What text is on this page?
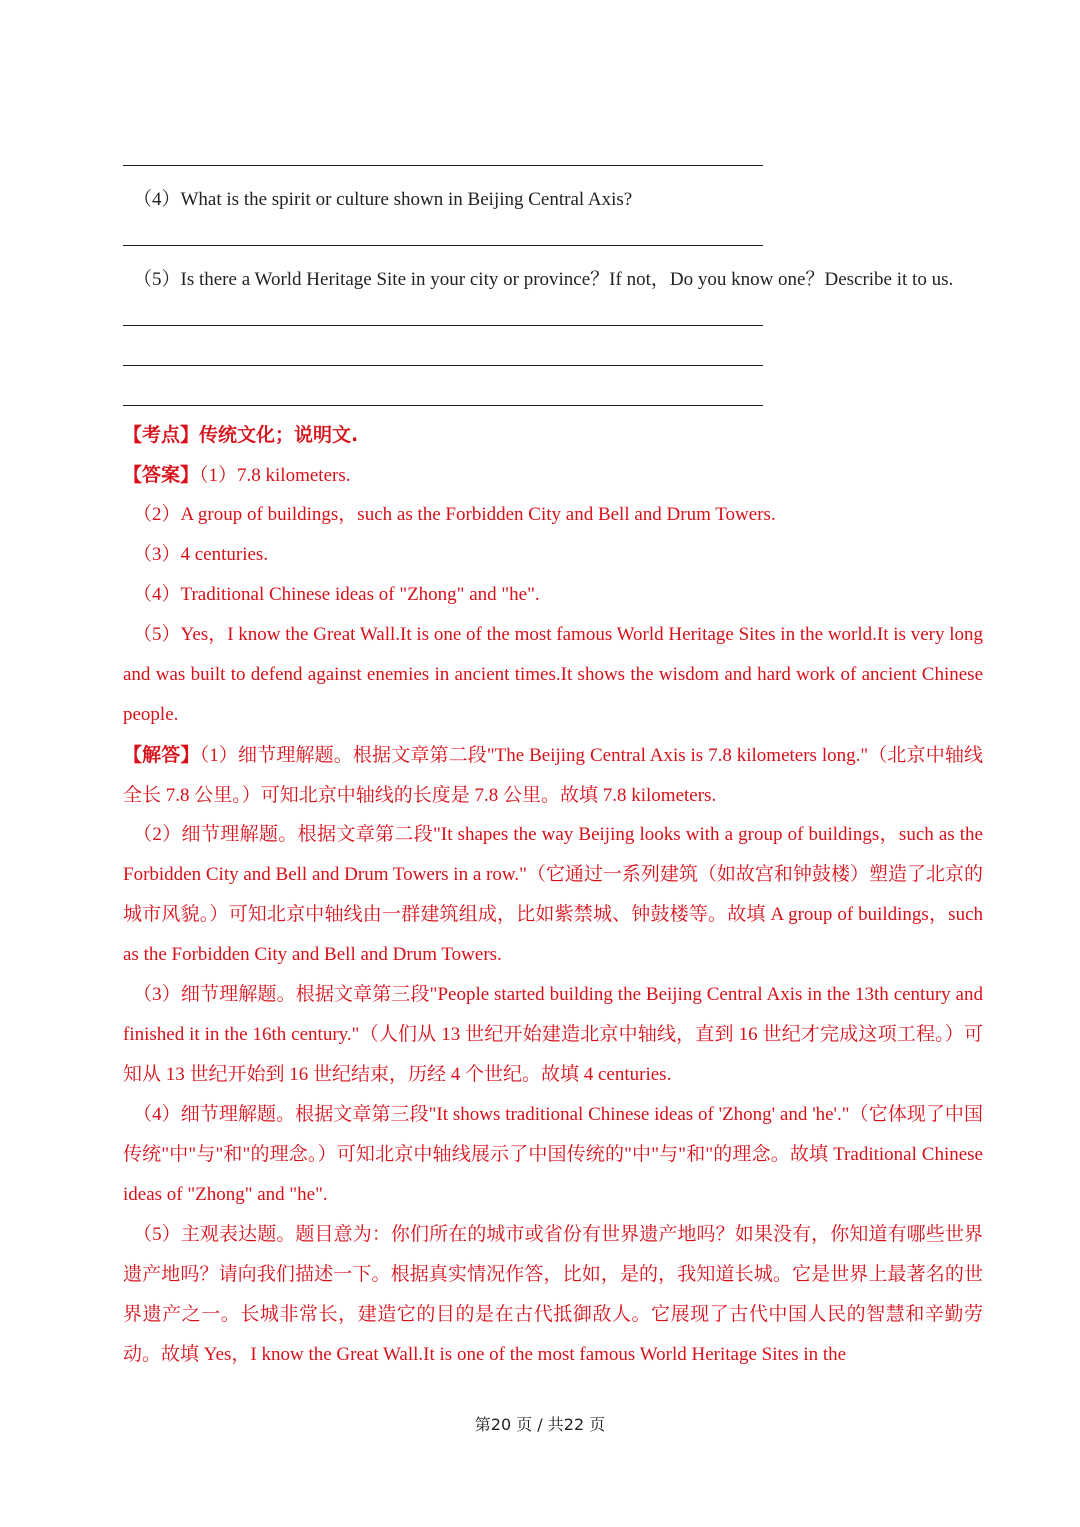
（4）What is the spirit or culture shown in Beijing Central Axis?
（5）Is there a World Heritage Site in your city or province？If not，Do you know one？Describe it to us.
【考点】传统文化；说明文.
【答案】（1）7.8 kilometers.
（2）A group of buildings，such as the Forbidden City and Bell and Drum Towers.
（3）4 centuries.
（4）Traditional Chinese ideas of "Zhong" and "he".
（5）Yes，I know the Great Wall.It is one of the most famous World Heritage Sites in the world.It is very long and was built to defend against enemies in ancient times.It shows the wisdom and hard work of ancient Chinese people.
【解答】（1）细节理解题。根据文章第二段"The Beijing Central Axis is 7.8 kilometers long."（北京中轴线全长 7.8 公里。）可知北京中轴线的长度是 7.8 公里。故填 7.8 kilometers.
（2）细节理解题。根据文章第二段"It shapes the way Beijing looks with a group of buildings，such as the Forbidden City and Bell and Drum Towers in a row."（它通过一系列建筑（如故宫和钟鼓楼）塑造了北京的城市风貌。）可知北京中轴线由一群建筑组成，比如紫禁城、钟鼓楼等。故填 A group of buildings，such as the Forbidden City and Bell and Drum Towers.
（3）细节理解题。根据文章第三段"People started building the Beijing Central Axis in the 13th century and finished it in the 16th century."（人们从 13 世纪开始建造北京中轴线，直到 16 世纪才完成这项工程。）可知从 13 世纪开始到 16 世纪结束，历经 4 个世纪。故填 4 centuries.
（4）细节理解题。根据文章第三段"It shows traditional Chinese ideas of 'Zhong' and 'he'."（它体现了中国传统"中"与"和"的理念。）可知北京中轴线展示了中国传统的"中"与"和"的理念。故填 Traditional Chinese ideas of "Zhong" and "he".
（5）主观表达题。题目意为：你们所在的城市或省份有世界遗产地吗？如果没有，你知道有哪些世界遗产地吗？请向我们描述一下。根据真实情况作答，比如，是的，我知道长城。它是世界上最著名的世界遗产之一。长城非常长，建造它的目的是在古代抵御敌人。它展现了古代中国人民的智慧和辛勤劳动。故填 Yes，I know the Great Wall.It is one of the most famous World Heritage Sites in the
第20 页 / 共22 页
